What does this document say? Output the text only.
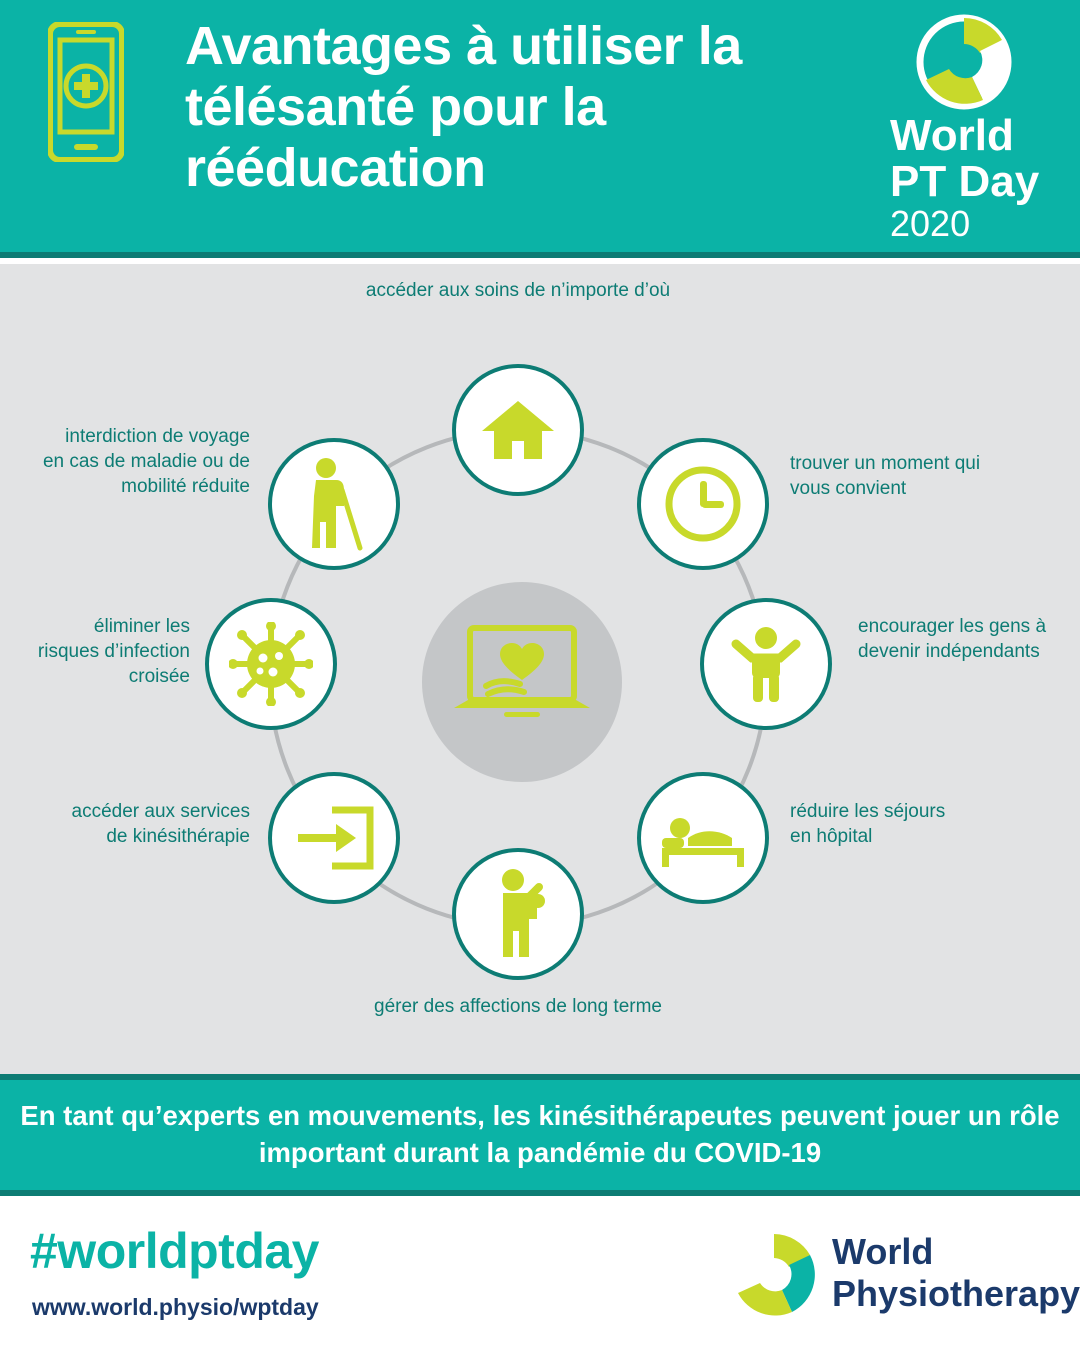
Avantages à utiliser la télésanté pour la rééducation
World
PT Day
2020
accéder aux soins de n’importe d’où
trouver un moment qui vous convient
encourager les gens à devenir indépendants
réduire les séjours en hôpital
gérer des affections de long terme
accéder aux services de kinésithérapie
éliminer les risques d’infection croisée
interdiction de voyage en cas de maladie ou de mobilité réduite
En tant qu’experts en mouvements, les kinésithérapeutes peuvent jouer un rôle important durant la pandémie du COVID-19
#worldptday
www.world.physio/wptday
World
Physiotherapy
